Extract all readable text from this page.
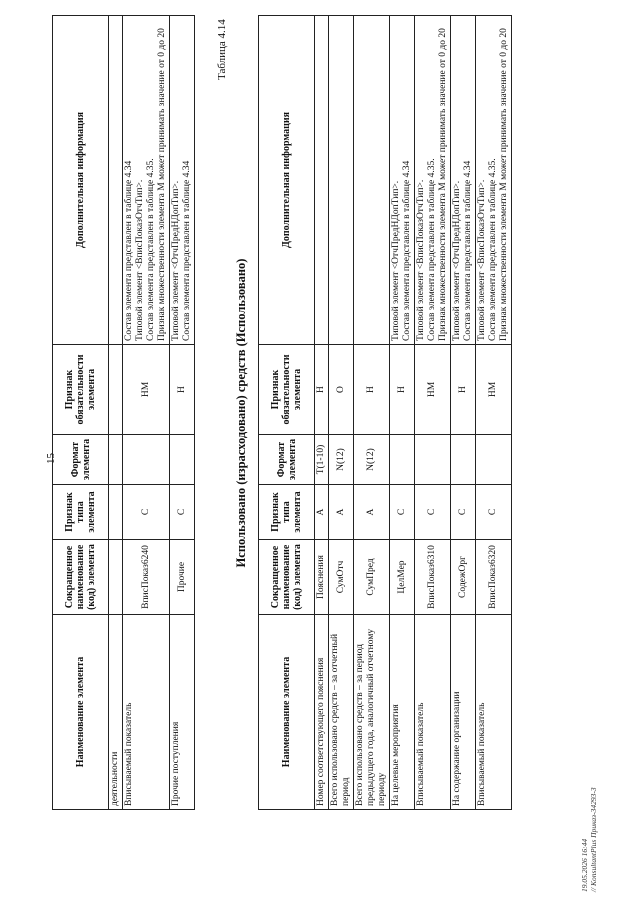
15
Наименование элемента	Сокращенное наименование (код) элемента	Признак типа элемента	Формат элемента	Признак обязательности элемента	Дополнительная информация

деятельности					

Вписываемый показатель	ВписПоказ6240	С		НМ	Состав элемента представлен в таблице 4.34 Типовой элемент <ВписПоказОтчТип>. Состав элемента представлен в таблице 4.35. Признак множественности элемента М может принимать значение от 0 до 20

Прочие поступления	Прочие	С		Н	Типовой элемент <ОтчПредНДопТип>. Состав элемента представлен в таблице 4.34
Таблица 4.14
Использовано (израсходовано) средств (Использовано)
Наименование элемента	Сокращенное наименование (код) элемента	Признак типа элемента	Формат элемента	Признак обязательности элемента	Дополнительная информация

Номер соответствующего пояснения	Пояснения	А	T(1-10)	Н	

Всего использовано средств – за отчетный период	СумОтч	А	N(12)	О	

Всего использовано средств – за период предыдущего года, аналогичный отчетному периоду	СумПред	А	N(12)	Н	

На целевые мероприятия	ЦелМер	С		Н	Типовой элемент <ОтчПредНДопТип>. Состав элемента представлен в таблице 4.34

Вписываемый показатель	ВписПоказ6310	С		НМ	Типовой элемент <ВписПоказОтчТип>. Состав элемента представлен в таблице 4.35. Признак множественности элемента М может принимать значение от 0 до 20

На содержание организации	СодежОрг	С		Н	Типовой элемент <ОтчПредНДопТип>. Состав элемента представлен в таблице 4.34

Вписываемый показатель	ВписПоказ6320	С		НМ	Типовой элемент <ВписПоказОтчТип>. Состав элемента представлен в таблице 4.35. Признак множественности элемента М может принимать значение от 0 до 20
19.05.2026 16:44 // KonsultantPlus Приказ-34293-3
